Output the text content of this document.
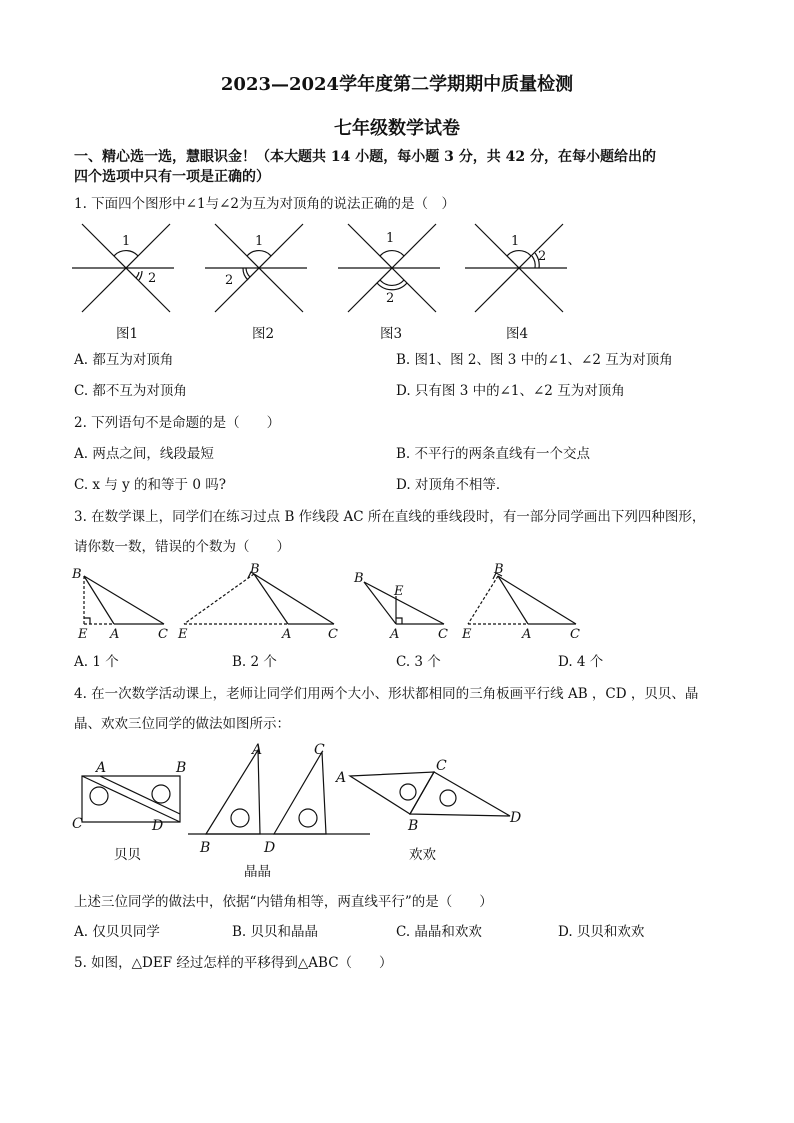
2023—2024学年度第二学期期中质量检测
七年级数学试卷
一、精心选一选，慧眼识金！（本大题共 14 小题，每小题 3 分，共 42 分，在每小题给出的
四个选项中只有一项是正确的）
1. 下面四个图形中∠1与∠2为互为对顶角的说法正确的是（　）
1
2
1
2
1
2
1
2
图1	图2	图3	图4
A. 都互为对顶角	B. 图1、图 2、图 3 中的∠1、∠2 互为对顶角
C. 都不互为对顶角	D. 只有图 3 中的∠1、∠2 互为对顶角
2. 下列语句不是命题的是（　　）
A. 两点之间，线段最短	B. 不平行的两条直线有一个交点
C. x 与 y 的和等于 0 吗?	D. 对顶角不相等．
3. 在数学课上，同学们在练习过点 B 作线段 AC 所在直线的垂线段时，有一部分同学画出下列四种图形，
请你数一数，错误的个数为（　　）
B
E A	C
B
E	A	C
B
E
A	C
B
E	A	C
A. 1 个	B. 2 个	C. 3 个	D. 4 个
4. 在一次数学活动课上，老师让同学们用两个大小、形状都相同的三角板画平行线 AB ，CD ，贝贝、晶
晶、欢欢三位同学的做法如图所示：
A	B
C	D
A	C
A
C
B	D
B	D
贝贝
晶晶
欢欢
上述三位同学的做法中，依据“内错角相等，两直线平行”的是（　　）
A. 仅贝贝同学	B. 贝贝和晶晶	C. 晶晶和欢欢	D. 贝贝和欢欢
5. 如图，△DEF 经过怎样的平移得到△ABC（　　）
